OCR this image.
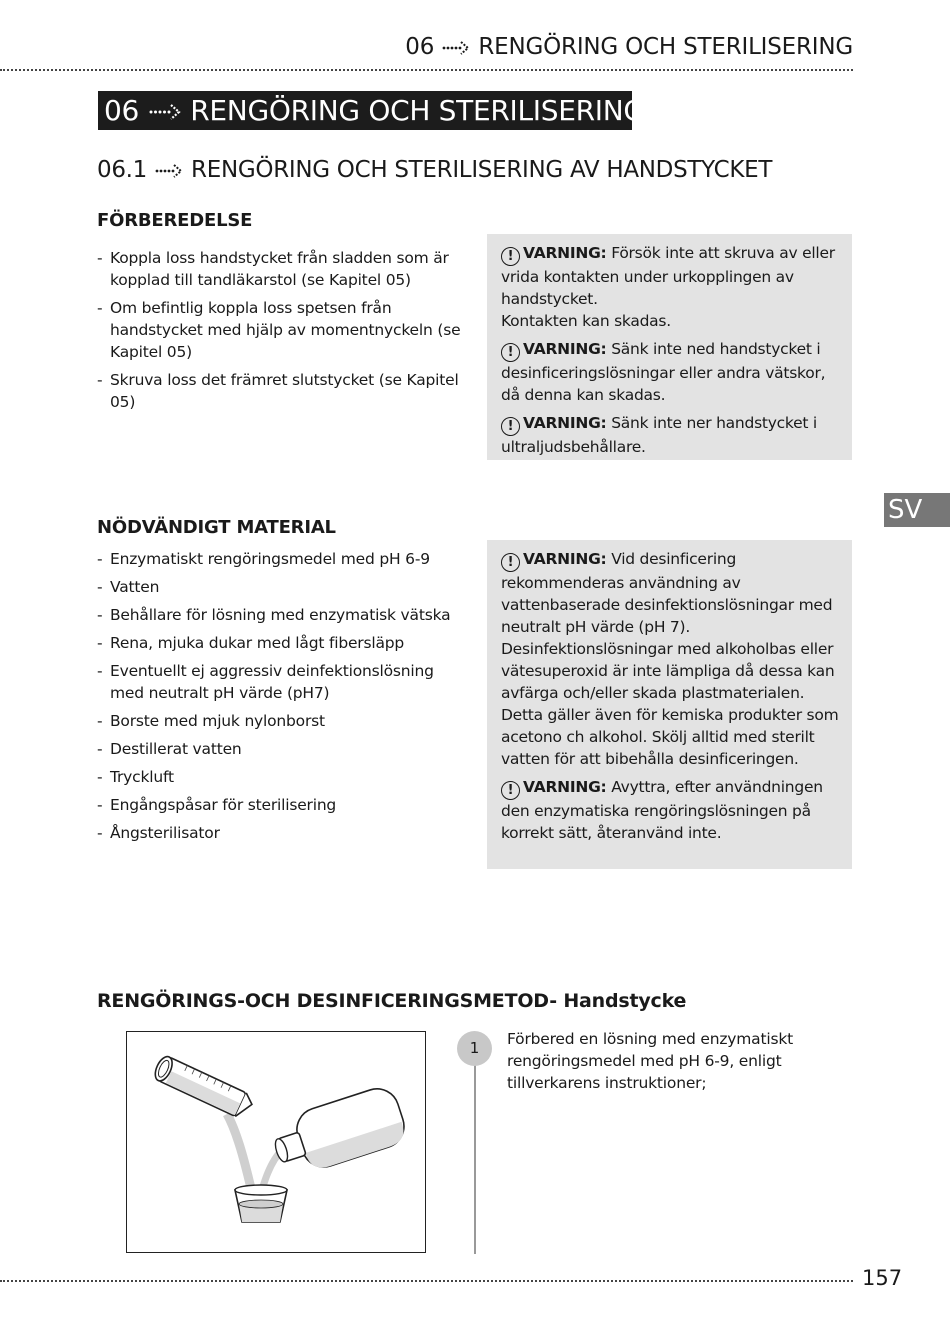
06 RENGÖRING OCH STERILISERING
06 RENGÖRING OCH STERILISERING
06.1 RENGÖRING OCH STERILISERING AV HANDSTYCKET
FÖRBEREDELSE
- Koppla loss handstycket från sladden som är kopplad till tandläkarstol (se Kapitel 05)
- Om befintlig koppla loss spetsen från handstycket med hjälp av momentnyckeln (se Kapitel 05)
- Skruva loss det främret slutstycket (se Kapitel 05)

! VARNING: Försök inte att skruva av eller vrida kontakten under urkopplingen av handstycket.
Kontakten kan skadas.

! VARNING: Sänk inte ned handstycket i desinficeringslösningar eller andra vätskor, då denna kan skadas.

! VARNING: Sänk inte ner handstycket i ultraljudsbehållare.

SV
NÖDVÄNDIGT MATERIAL
- Enzymatiskt rengöringsmedel med pH 6-9
- Vatten
- Behållare för lösning med enzymatisk vätska
- Rena, mjuka dukar med lågt fibersläpp
- Eventuellt ej aggressiv deinfektionslösning med neutralt pH värde (pH7)
- Borste med mjuk nylonborst
- Destillerat vatten
- Tryckluft
- Engångspåsar för sterilisering
- Ångsterilisator

! VARNING: Vid desinficering rekommenderas användning av vattenbaserade desinfektionslösningar med neutralt pH värde (pH 7). Desinfektionslösningar med alkoholbas eller vätesuperoxid är inte lämpliga då dessa kan avfärga och/eller skada plastmaterialen. Detta gäller även för kemiska produkter som acetono ch alkohol. Skölj alltid med sterilt vatten för att bibehålla desinficeringen.

! VARNING: Avyttra, efter användningen den enzymatiska rengöringslösningen på korrekt sätt, återanvänd inte.

RENGÖRINGS-OCH DESINFICERINGSMETOD- Handstycke
1	Förbered en lösning med enzymatiskt rengöringsmedel med pH 6-9, enligt tillverkarens instruktioner;
157
